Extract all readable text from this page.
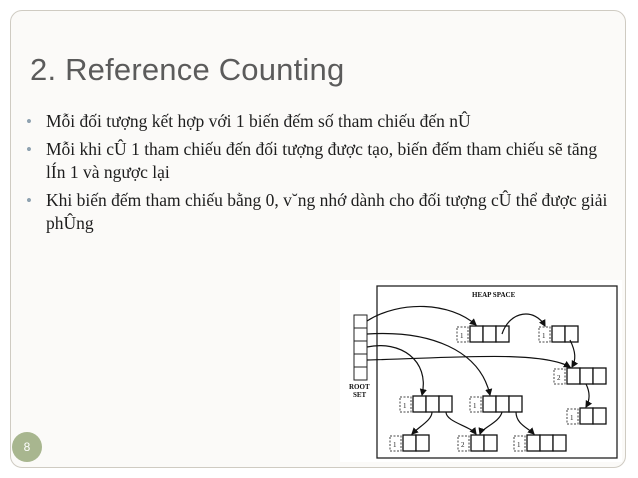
2. Reference Counting
• Mỗi đối tượng kết hợp với 1 biến đếm số tham chiếu đến nÛ
• Mỗi khi cÛ 1 tham chiếu đến đối tượng được tạo, biến đếm tham chiếu sẽ tăng lÍn 1 và ngược lại
• Khi biến đếm tham chiếu bằng 0, v˘ng nhớ dành cho đối tượng cÛ thể được giải phÛng
HEAP SPACE
ROOT
SET
1	1
2
1	1
1
1	2	1
8
